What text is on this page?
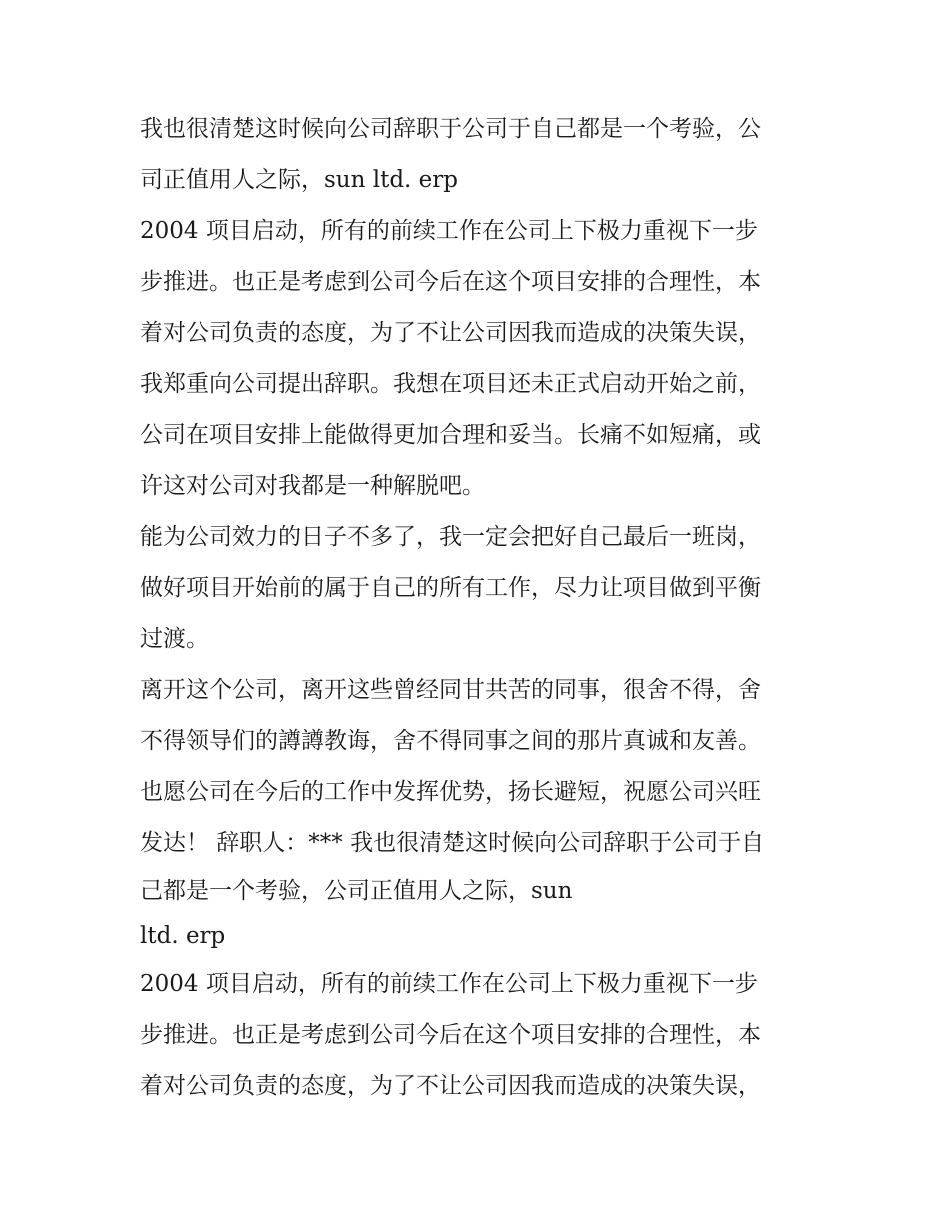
我也很清楚这时候向公司辞职于公司于自己都是一个考验，公
司正值用人之际，sun ltd. erp
2004 项目启动，所有的前续工作在公司上下极力重视下一步
步推进。也正是考虑到公司今后在这个项目安排的合理性，本
着对公司负责的态度，为了不让公司因我而造成的决策失误，
我郑重向公司提出辞职。我想在项目还未正式启动开始之前，
公司在项目安排上能做得更加合理和妥当。长痛不如短痛，或
许这对公司对我都是一种解脱吧。
能为公司效力的日子不多了，我一定会把好自己最后一班岗，
做好项目开始前的属于自己的所有工作，尽力让项目做到平衡
过渡。
离开这个公司，离开这些曾经同甘共苦的同事，很舍不得，舍
不得领导们的譐譐教诲，舍不得同事之间的那片真诚和友善。
也愿公司在今后的工作中发挥优势，扬长避短，祝愿公司兴旺
发达！ 辞职人：*** 我也很清楚这时候向公司辞职于公司于自
己都是一个考验，公司正值用人之际，sun
ltd. erp
2004 项目启动，所有的前续工作在公司上下极力重视下一步
步推进。也正是考虑到公司今后在这个项目安排的合理性，本
着对公司负责的态度，为了不让公司因我而造成的决策失误，
